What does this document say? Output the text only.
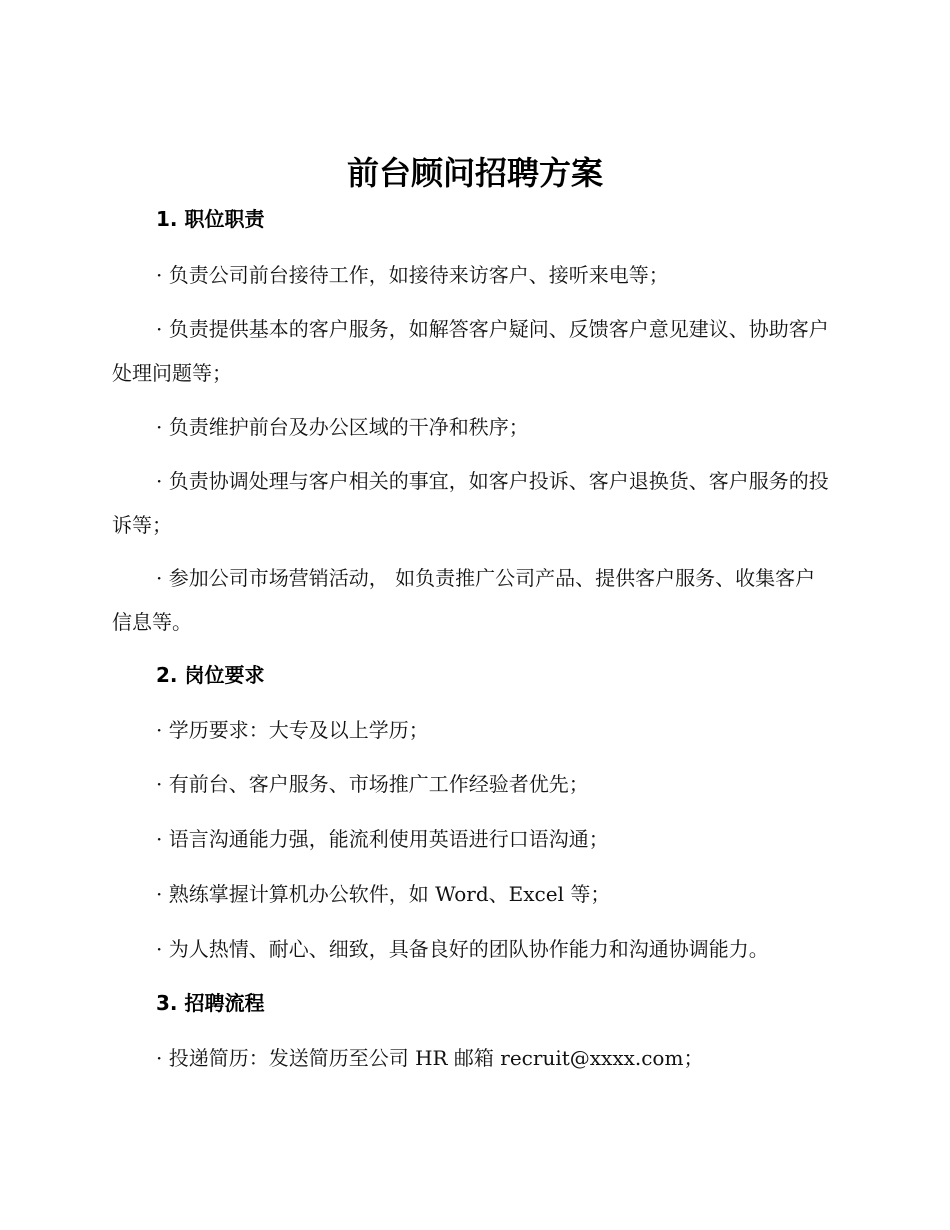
前台顾问招聘方案
1. 职位职责
· 负责公司前台接待工作，如接待来访客户、接听来电等；
· 负责提供基本的客户服务，如解答客户疑问、反馈客户意见建议、协助客户处理问题等；
· 负责维护前台及办公区域的干净和秩序；
· 负责协调处理与客户相关的事宜，如客户投诉、客户退换货、客户服务的投诉等；
· 参加公司市场营销活动， 如负责推广公司产品、提供客户服务、收集客户信息等。
2. 岗位要求
· 学历要求：大专及以上学历；
· 有前台、客户服务、市场推广工作经验者优先；
· 语言沟通能力强，能流利使用英语进行口语沟通；
· 熟练掌握计算机办公软件，如 Word、Excel 等；
· 为人热情、耐心、细致，具备良好的团队协作能力和沟通协调能力。
3. 招聘流程
· 投递简历：发送简历至公司 HR 邮箱 recruit@xxxx.com；
